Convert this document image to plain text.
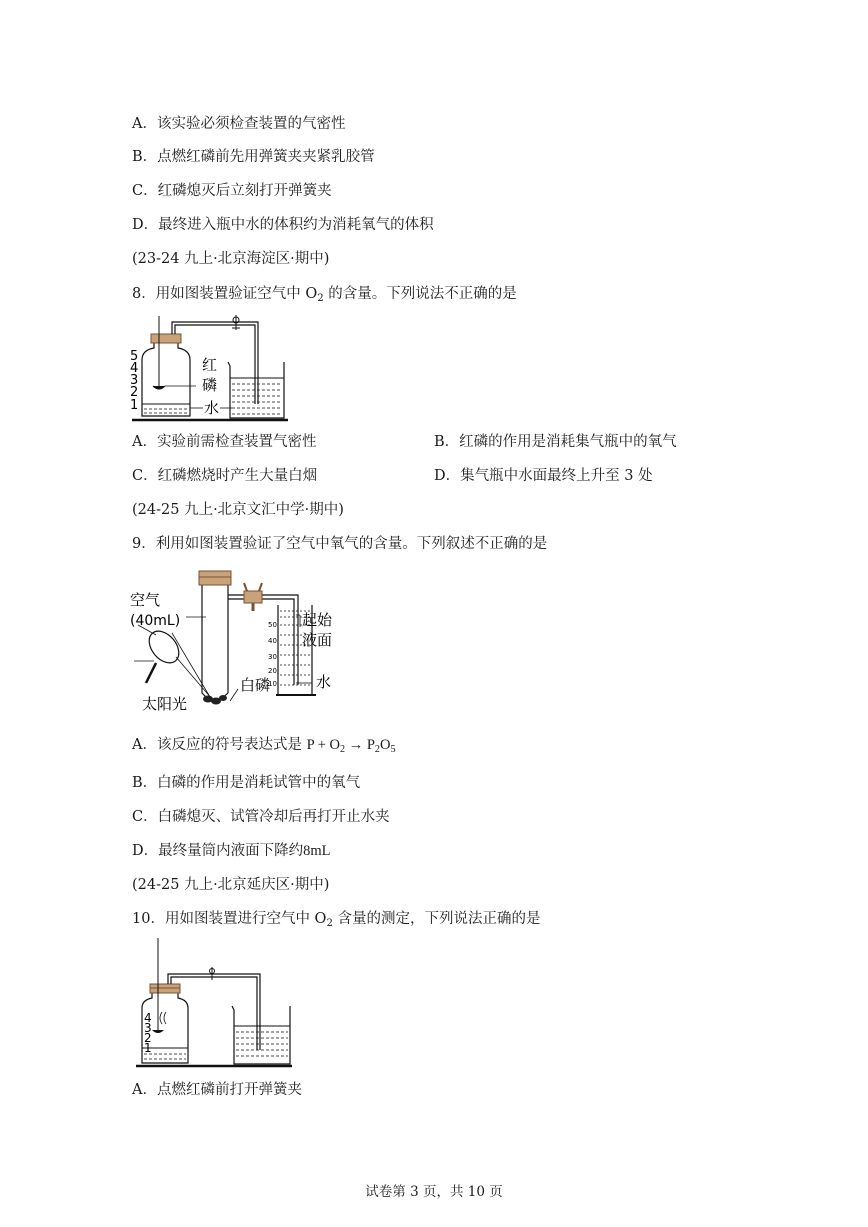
A．该实验必须检查装置的气密性
B．点燃红磷前先用弹簧夹夹紧乳胶管
C．红磷熄灭后立刻打开弹簧夹
D．最终进入瓶中水的体积约为消耗氧气的体积
(23-24 九上·北京海淀区·期中)
8．用如图装置验证空气中 $O_2$ 的含量。下列说法不正确的是
5
4
3
2
1
红
磷
水
A．实验前需检查装置气密性	B．红磷的作用是消耗集气瓶中的氧气
C．红磷燃烧时产生大量白烟	D．集气瓶中水面最终上升至 3 处
(24-25 九上·北京文汇中学·期中)
9．利用如图装置验证了空气中氧气的含量。下列叙述不正确的是
50
40
30
20
10
空气
(40mL)	起始
液面
白磷	水
太阳光
A．该反应的符号表达式是 $P + O_2 \to P_2O_5$
B．白磷的作用是消耗试管中的氧气
C．白磷熄灭、试管冷却后再打开止水夹
D．最终量筒内液面下降约8mL
(24-25 九上·北京延庆区·期中)
10．用如图装置进行空气中 $O_2$ 含量的测定，下列说法正确的是
4
3
2
1
A．点燃红磷前打开弹簧夹
试卷第 3 页，共 10 页
